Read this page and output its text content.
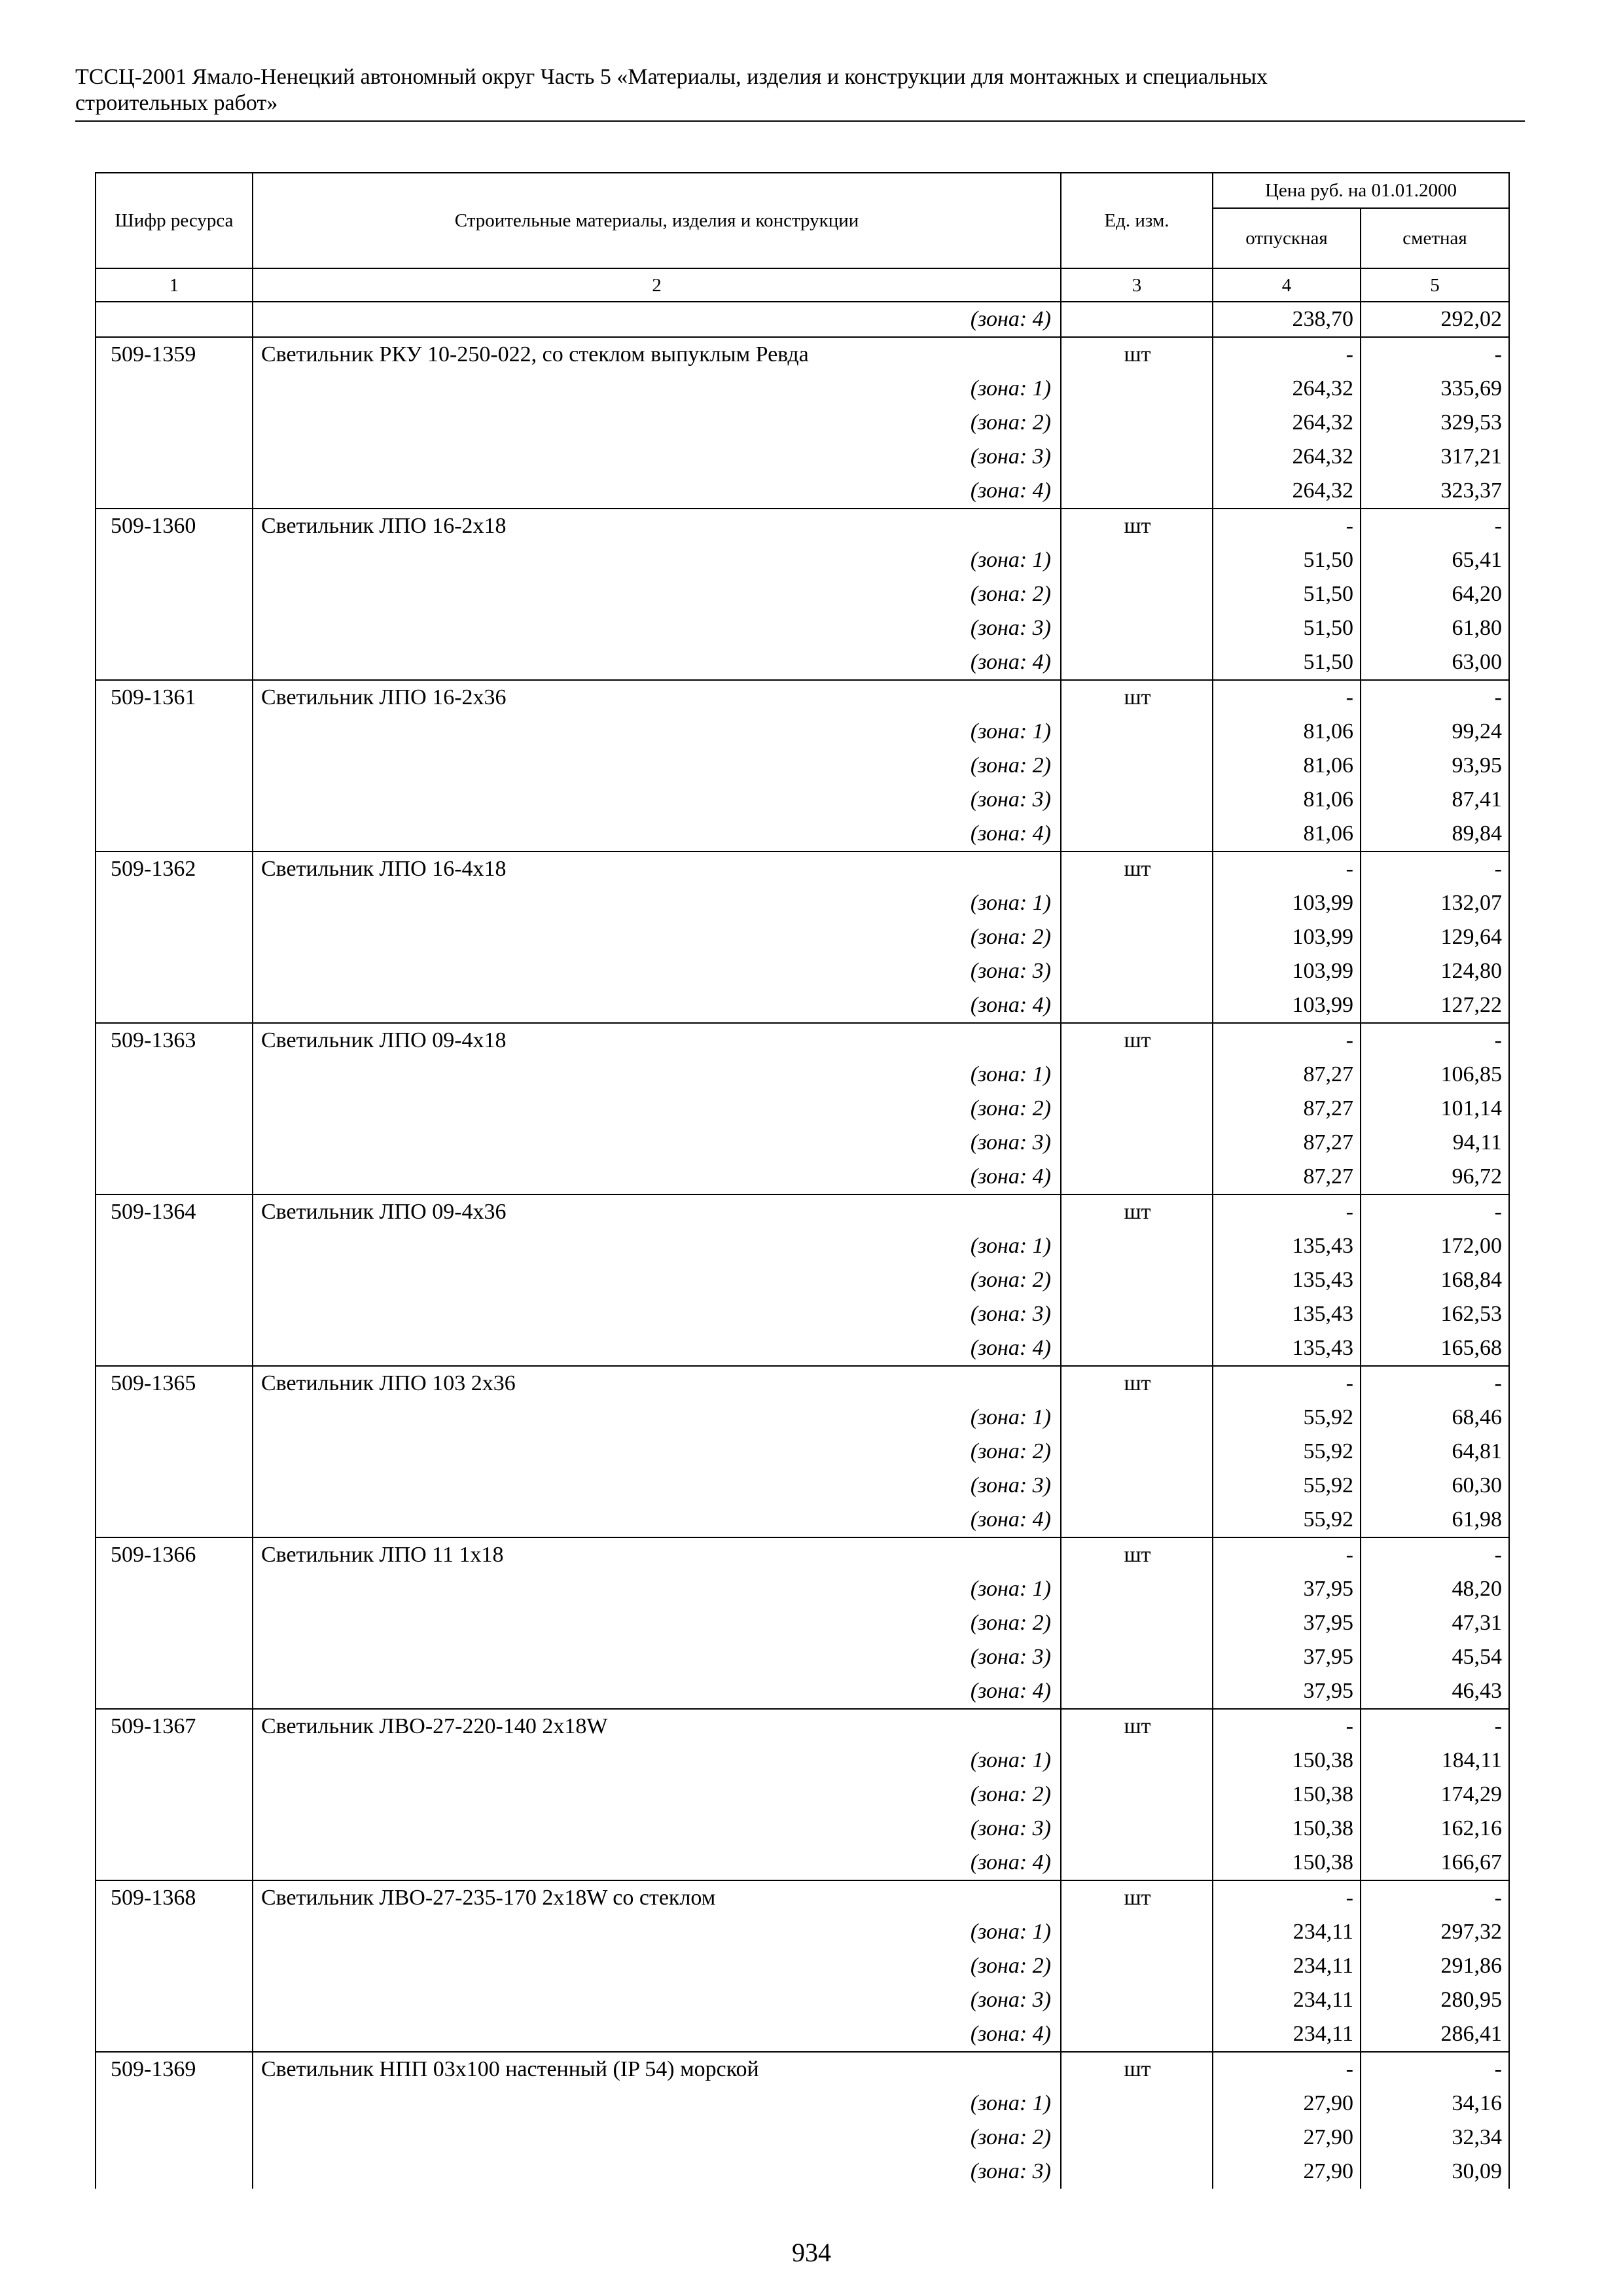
ТССЦ-2001 Ямало-Ненецкий автономный округ Часть 5 «Материалы, изделия и конструкции для монтажных и специальных
строительных работ»
Шифр ресурса	Строительные материалы, изделия и конструкции	Ед. изм.	Цена руб. на 01.01.2000	
			отпускная	сметная
1	2	3	4	5
	(зона: 4)		238,70	292,02
509-1359	Светильник РКУ 10-250-022, со стеклом выпуклым Ревда	шт	-	-
	(зона: 1)		264,32	335,69
	(зона: 2)		264,32	329,53
	(зона: 3)		264,32	317,21
	(зона: 4)		264,32	323,37
509-1360	Светильник ЛПО 16-2х18	шт	-	-
	(зона: 1)		51,50	65,41
	(зона: 2)		51,50	64,20
	(зона: 3)		51,50	61,80
	(зона: 4)		51,50	63,00
509-1361	Светильник ЛПО 16-2х36	шт	-	-
	(зона: 1)		81,06	99,24
	(зона: 2)		81,06	93,95
	(зона: 3)		81,06	87,41
	(зона: 4)		81,06	89,84
509-1362	Светильник ЛПО 16-4х18	шт	-	-
	(зона: 1)		103,99	132,07
	(зона: 2)		103,99	129,64
	(зона: 3)		103,99	124,80
	(зона: 4)		103,99	127,22
509-1363	Светильник ЛПО 09-4х18	шт	-	-
	(зона: 1)		87,27	106,85
	(зона: 2)		87,27	101,14
	(зона: 3)		87,27	94,11
	(зона: 4)		87,27	96,72
509-1364	Светильник ЛПО 09-4х36	шт	-	-
	(зона: 1)		135,43	172,00
	(зона: 2)		135,43	168,84
	(зона: 3)		135,43	162,53
	(зона: 4)		135,43	165,68
509-1365	Светильник ЛПО 103 2х36	шт	-	-
	(зона: 1)		55,92	68,46
	(зона: 2)		55,92	64,81
	(зона: 3)		55,92	60,30
	(зона: 4)		55,92	61,98
509-1366	Светильник ЛПО 11 1х18	шт	-	-
	(зона: 1)		37,95	48,20
	(зона: 2)		37,95	47,31
	(зона: 3)		37,95	45,54
	(зона: 4)		37,95	46,43
509-1367	Светильник ЛВО-27-220-140 2х18W	шт	-	-
	(зона: 1)		150,38	184,11
	(зона: 2)		150,38	174,29
	(зона: 3)		150,38	162,16
	(зона: 4)		150,38	166,67
509-1368	Светильник ЛВО-27-235-170 2х18W со стеклом	шт	-	-
	(зона: 1)		234,11	297,32
	(зона: 2)		234,11	291,86
	(зона: 3)		234,11	280,95
	(зона: 4)		234,11	286,41
509-1369	Светильник НПП 03х100 настенный (IP 54) морской	шт	-	-
	(зона: 1)		27,90	34,16
	(зона: 2)		27,90	32,34
	(зона: 3)		27,90	30,09
934
